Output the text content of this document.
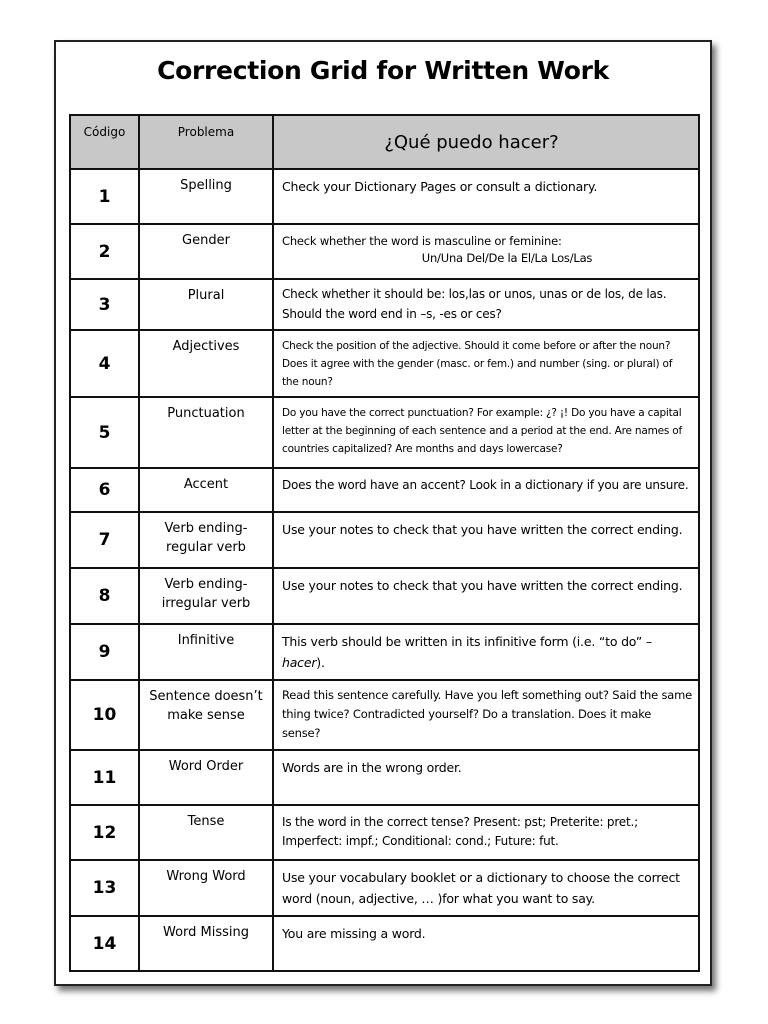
Correction Grid for Written Work
Código	Problema	¿Qué puedo hacer?
1	Spelling	Check your Dictionary Pages or consult a dictionary.
2	Gender	Check whether the word is masculine or feminine:
Un/Una Del/De la El/La Los/Las

3	Plural	Check whether it should be: los,las or unos, unas or de los, de las. Should the word end in –s, -es or ces?
4	Adjectives	Check the position of the adjective. Should it come before or after the noun? Does it agree with the gender (masc. or fem.) and number (sing. or plural) of the noun?
5	Punctuation	Do you have the correct punctuation? For example: ¿? ¡! Do you have a capital letter at the beginning of each sentence and a period at the end. Are names of countries capitalized? Are months and days lowercase?
6	Accent	Does the word have an accent? Look in a dictionary if you are unsure.
7	Verb ending- regular verb	Use your notes to check that you have written the correct ending.
8	Verb ending- irregular verb	Use your notes to check that you have written the correct ending.
9	Infinitive	This verb should be written in its infinitive form (i.e. “to do” – hacer).
10	Sentence doesn’t make sense	Read this sentence carefully. Have you left something out? Said the same thing twice? Contradicted yourself? Do a translation. Does it make sense?
11	Word Order	Words are in the wrong order.
12	Tense	Is the word in the correct tense? Present: pst; Preterite: pret.; Imperfect: impf.; Conditional: cond.; Future: fut.
13	Wrong Word	Use your vocabulary booklet or a dictionary to choose the correct word (noun, adjective, … )for what you want to say.
14	Word Missing	You are missing a word.
